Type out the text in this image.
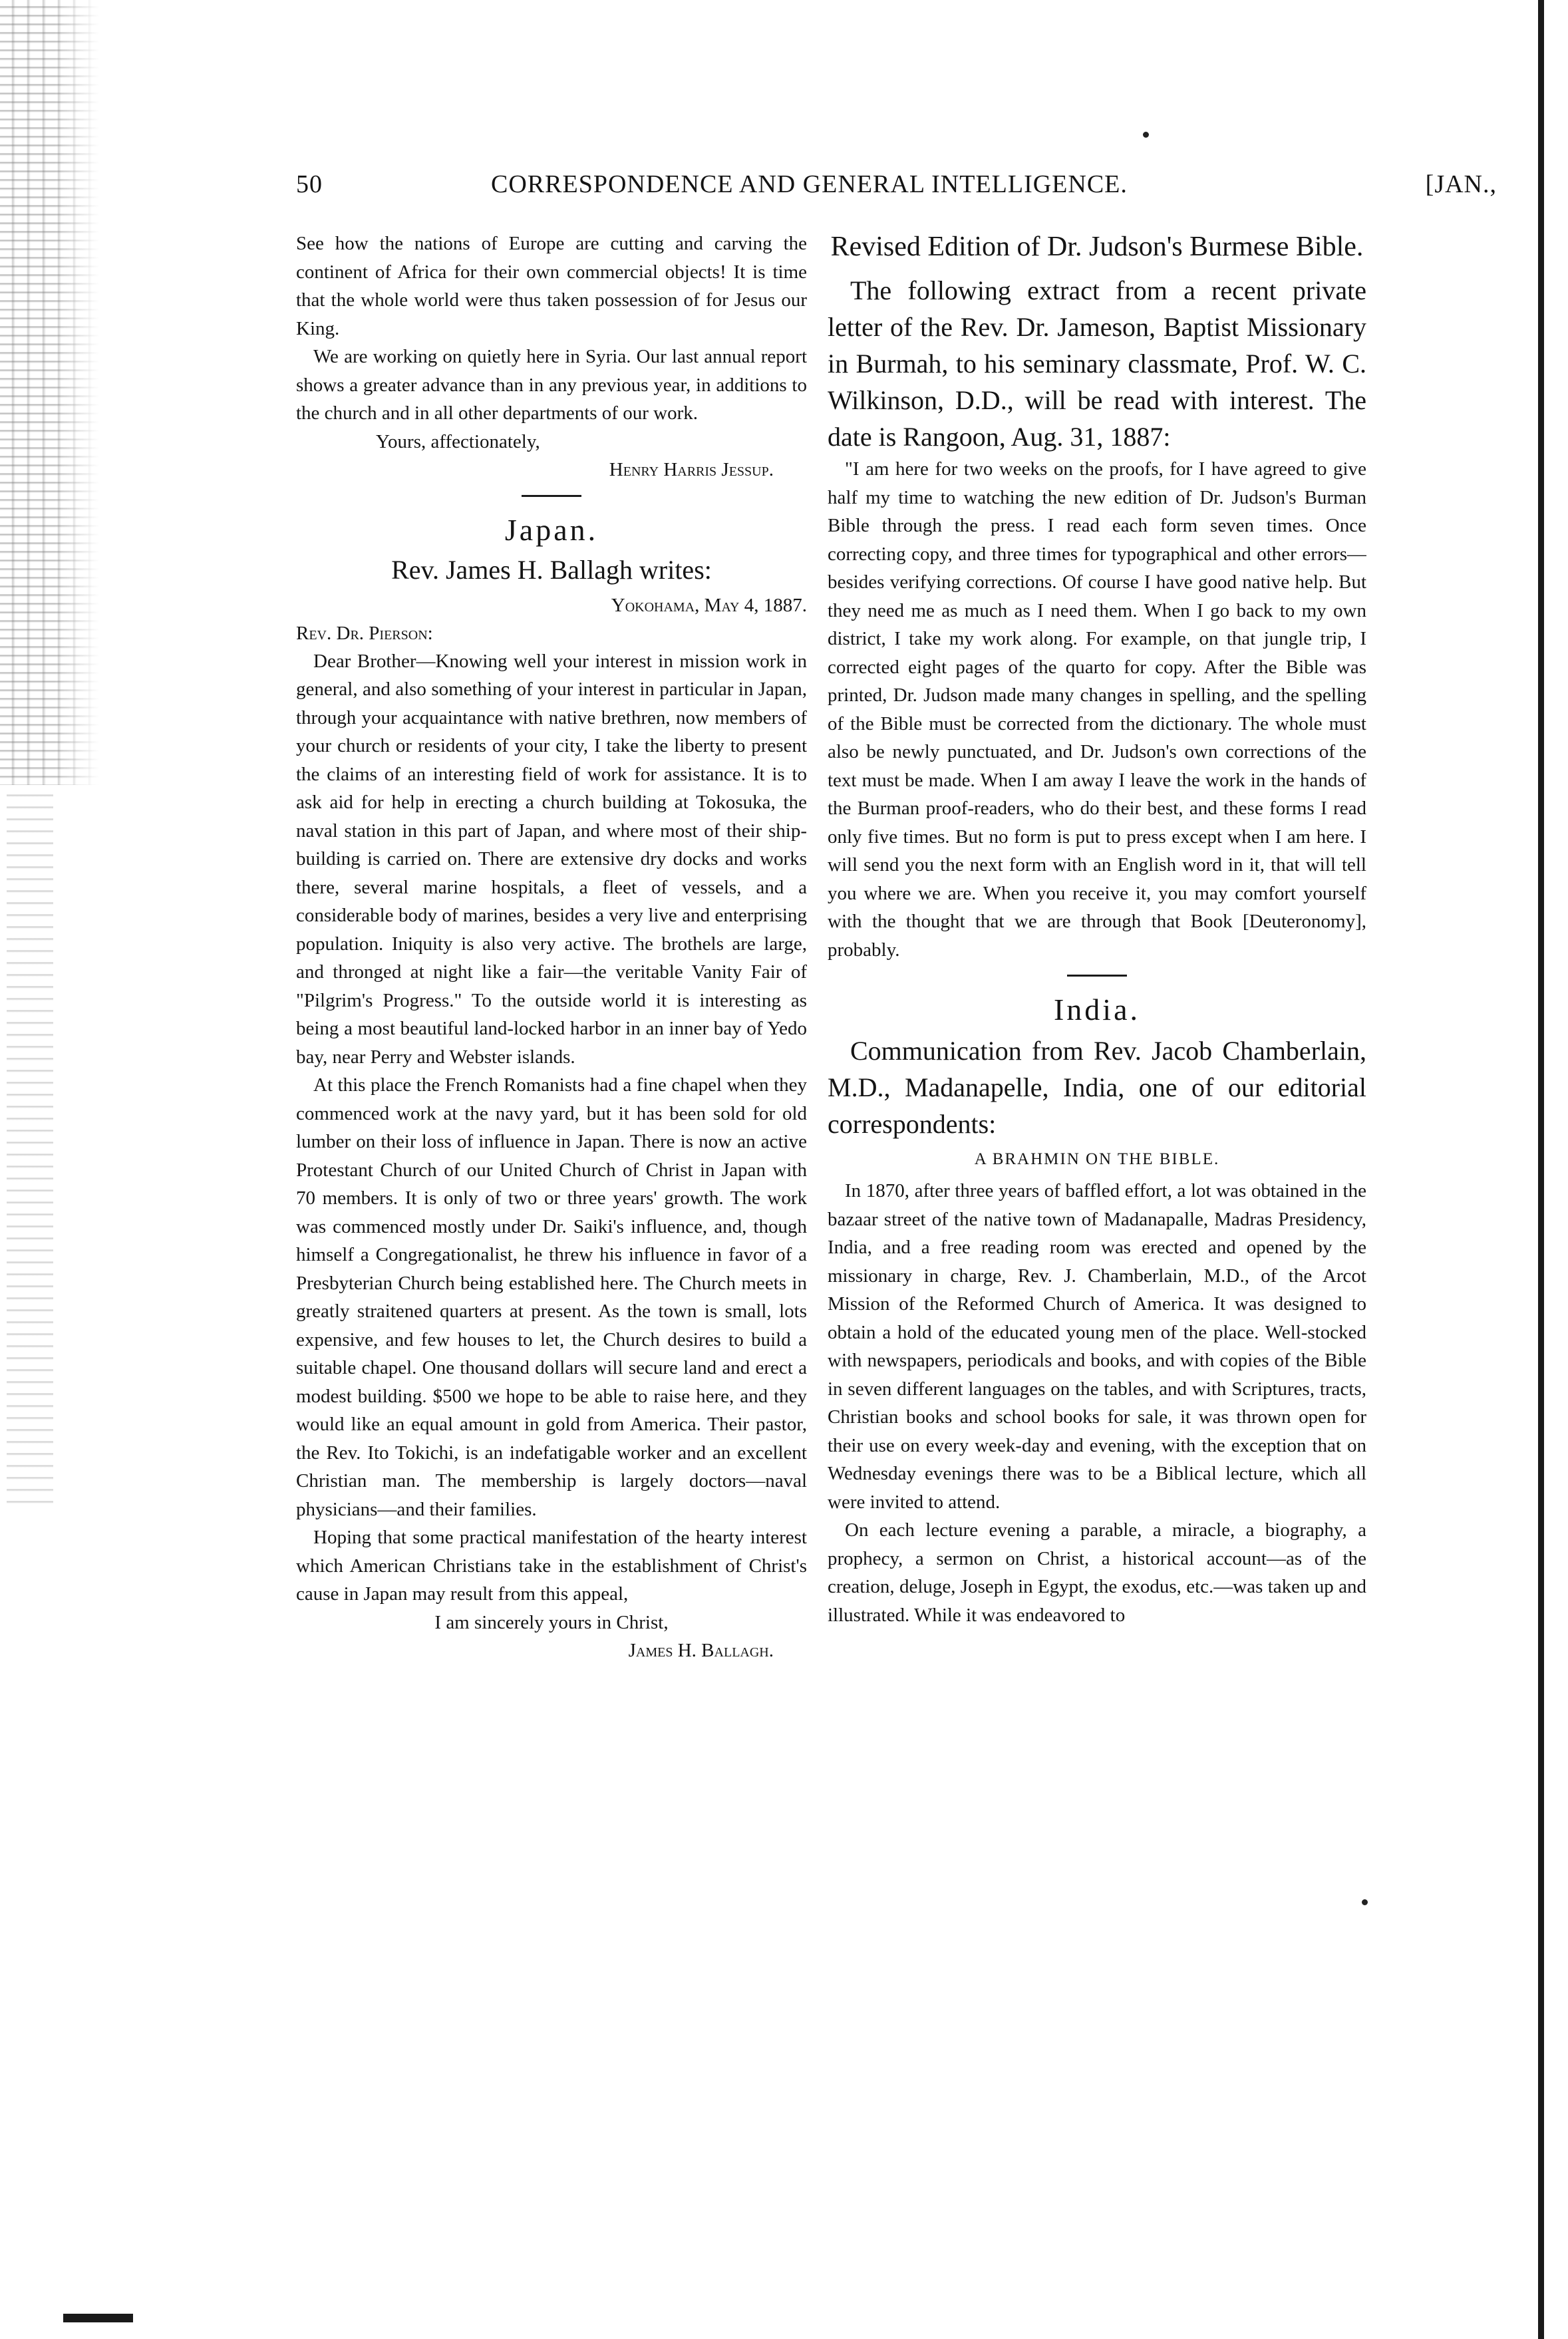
50	CORRESPONDENCE AND GENERAL INTELLIGENCE.	[JAN.,

See how the nations of Europe are cutting and carving the continent of Africa for their own commercial objects! It is time that the whole world were thus taken possession of for Jesus our King.

We are working on quietly here in Syria. Our last annual report shows a greater advance than in any previous year, in additions to the church and in all other departments of our work.

Yours, affectionately,

Henry Harris Jessup.

Japan.
Rev. James H. Ballagh writes:

Yokohama, May 4, 1887.

Rev. Dr. Pierson:

Dear Brother—Knowing well your interest in mission work in general, and also something of your interest in particular in Japan, through your acquaintance with native brethren, now members of your church or residents of your city, I take the liberty to present the claims of an interesting field of work for assistance. It is to ask aid for help in erecting a church building at Tokosuka, the naval station in this part of Japan, and where most of their ship-building is carried on. There are extensive dry docks and works there, several marine hospitals, a fleet of vessels, and a considerable body of marines, besides a very live and enterprising population. Iniquity is also very active. The brothels are large, and thronged at night like a fair—the veritable Vanity Fair of "Pilgrim's Progress." To the outside world it is interesting as being a most beautiful land-locked harbor in an inner bay of Yedo bay, near Perry and Webster islands.

At this place the French Romanists had a fine chapel when they commenced work at the navy yard, but it has been sold for old lumber on their loss of influence in Japan. There is now an active Protestant Church of our United Church of Christ in Japan with 70 members. It is only of two or three years' growth. The work was commenced mostly under Dr. Saiki's influence, and, though himself a Congregationalist, he threw his influence in favor of a Presbyterian Church being established here. The Church meets in greatly straitened quarters at present. As the town is small, lots expensive, and few houses to let, the Church desires to build a suitable chapel. One thousand dollars will secure land and erect a modest building. $500 we hope to be able to raise here, and they would like an equal amount in gold from America. Their pastor, the Rev. Ito Tokichi, is an indefatigable worker and an excellent Christian man. The membership is largely doctors—naval physicians—and their families.

Hoping that some practical manifestation of the hearty interest which American Christians take in the establishment of Christ's cause in Japan may result from this appeal,

I am sincerely yours in Christ,

James H. Ballagh.

Revised Edition of Dr. Judson's Burmese Bible.

The following extract from a recent private letter of the Rev. Dr. Jameson, Baptist Missionary in Burmah, to his seminary classmate, Prof. W. C. Wilkinson, D.D., will be read with interest. The date is Rangoon, Aug. 31, 1887:

"I am here for two weeks on the proofs, for I have agreed to give half my time to watching the new edition of Dr. Judson's Burman Bible through the press. I read each form seven times. Once correcting copy, and three times for typographical and other errors—besides verifying corrections. Of course I have good native help. But they need me as much as I need them. When I go back to my own district, I take my work along. For example, on that jungle trip, I corrected eight pages of the quarto for copy. After the Bible was printed, Dr. Judson made many changes in spelling, and the spelling of the Bible must be corrected from the dictionary. The whole must also be newly punctuated, and Dr. Judson's own corrections of the text must be made. When I am away I leave the work in the hands of the Burman proof-readers, who do their best, and these forms I read only five times. But no form is put to press except when I am here. I will send you the next form with an English word in it, that will tell you where we are. When you receive it, you may comfort yourself with the thought that we are through that Book [Deuteronomy], probably.

India.

Communication from Rev. Jacob Chamberlain, M.D., Madanapelle, India, one of our editorial correspondents:

A BRAHMIN ON THE BIBLE.

In 1870, after three years of baffled effort, a lot was obtained in the bazaar street of the native town of Madanapalle, Madras Presidency, India, and a free reading room was erected and opened by the missionary in charge, Rev. J. Chamberlain, M.D., of the Arcot Mission of the Reformed Church of America. It was designed to obtain a hold of the educated young men of the place. Well-stocked with newspapers, periodicals and books, and with copies of the Bible in seven different languages on the tables, and with Scriptures, tracts, Christian books and school books for sale, it was thrown open for their use on every week-day and evening, with the exception that on Wednesday evenings there was to be a Biblical lecture, which all were invited to attend.

On each lecture evening a parable, a miracle, a biography, a prophecy, a sermon on Christ, a historical account—as of the creation, deluge, Joseph in Egypt, the exodus, etc.—was taken up and illustrated. While it was endeavored to
